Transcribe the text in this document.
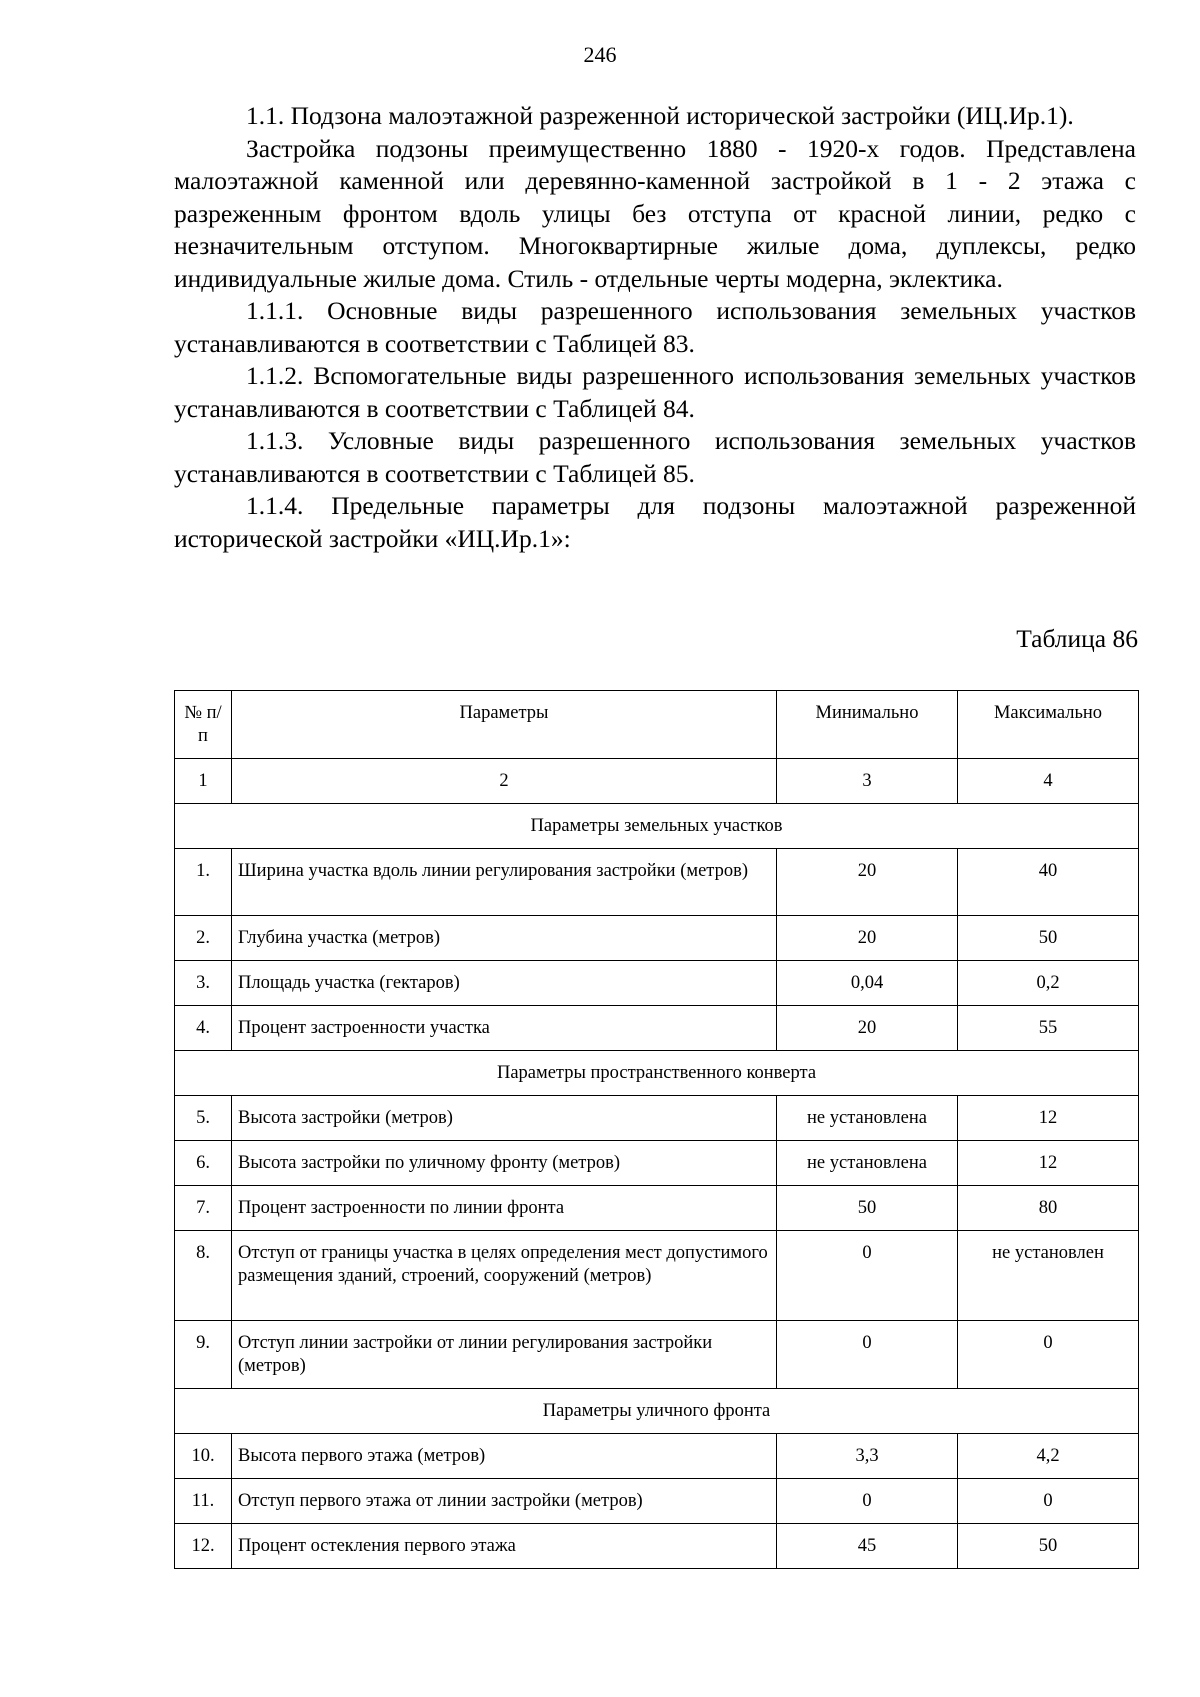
246

1.1. Подзона малоэтажной разреженной исторической застройки (ИЦ.Ир.1).

Застройка подзоны преимущественно 1880 - 1920-х годов. Представлена малоэтажной каменной или деревянно-каменной застройкой в 1 - 2 этажа с разреженным фронтом вдоль улицы без отступа от красной линии, редко с незначительным отступом. Многоквартирные жилые дома, дуплексы, редко индивидуальные жилые дома. Стиль - отдельные черты модерна, эклектика.

1.1.1. Основные виды разрешенного использования земельных участков устанавливаются в соответствии с Таблицей 83.

1.1.2. Вспомогательные виды разрешенного использования земельных участков устанавливаются в соответствии с Таблицей 84.

1.1.3. Условные виды разрешенного использования земельных участков устанавливаются в соответствии с Таблицей 85.

1.1.4. Предельные параметры для подзоны малоэтажной разреженной исторической застройки «ИЦ.Ир.1»:

Таблица 86
№ п/п	Параметры	Минимально	Максимально
1	2	3	4
Параметры земельных участков			
1.	Ширина участка вдоль линии регулирования застройки (метров)	20	40
2.	Глубина участка (метров)	20	50
3.	Площадь участка (гектаров)	0,04	0,2
4.	Процент застроенности участка	20	55
Параметры пространственного конверта			
5.	Высота застройки (метров)	не установлена	12
6.	Высота застройки по уличному фронту (метров)	не установлена	12
7.	Процент застроенности по линии фронта	50	80
8.	Отступ от границы участка в целях определения мест допустимого размещения зданий, строений, сооружений (метров)	0	не установлен
9.	Отступ линии застройки от линии регулирования застройки (метров)	0	0
Параметры уличного фронта			
10.	Высота первого этажа (метров)	3,3	4,2
11.	Отступ первого этажа от линии застройки (метров)	0	0
12.	Процент остекления первого этажа	45	50
